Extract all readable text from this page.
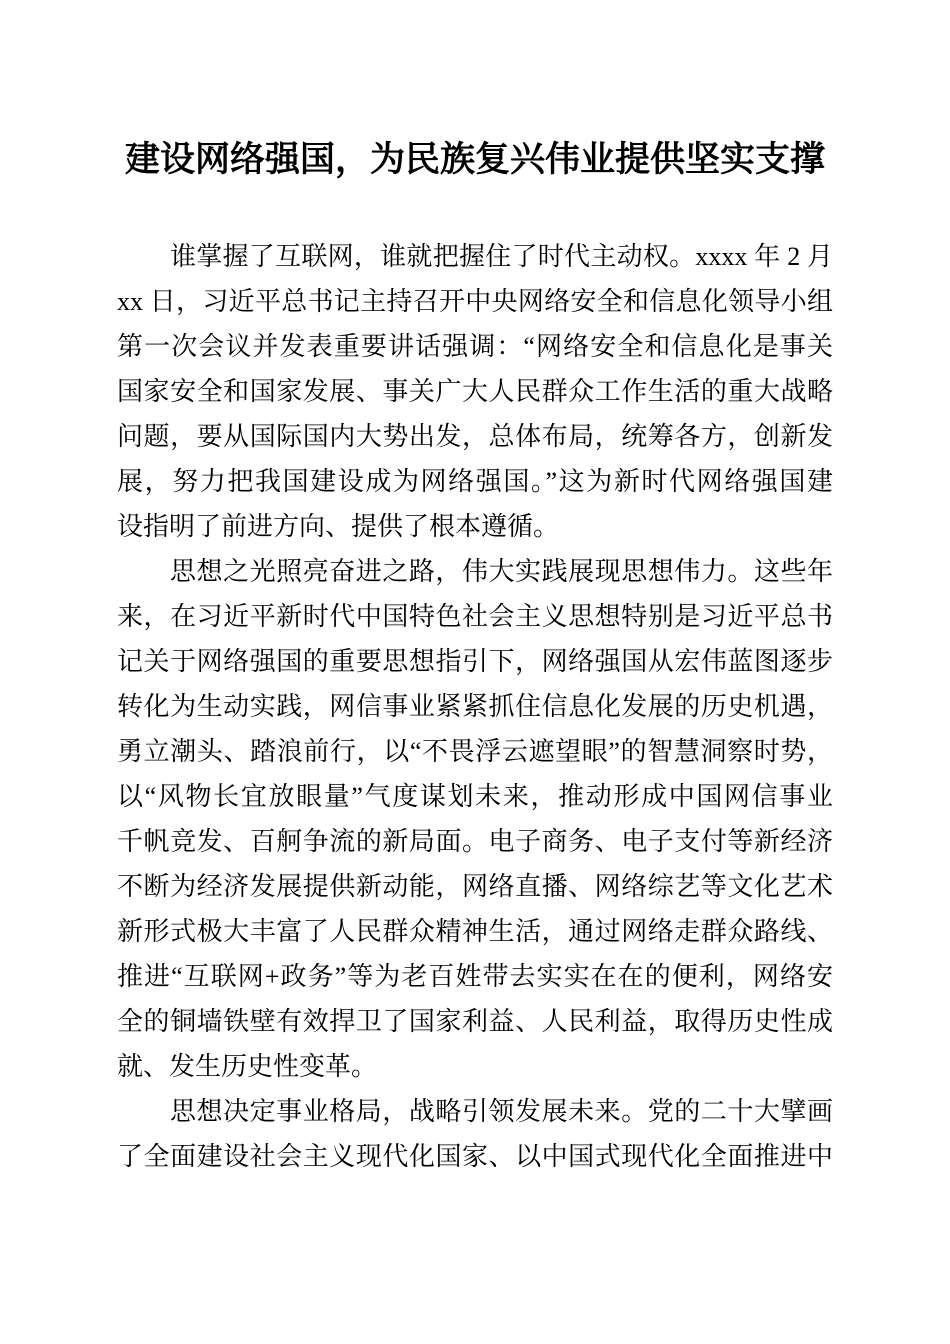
建设网络强国，为民族复兴伟业提供坚实支撑

谁掌握了互联网，谁就把握住了时代主动权。xxxx 年 2 月
xx 日，习近平总书记主持召开中央网络安全和信息化领导小组
第一次会议并发表重要讲话强调：“网络安全和信息化是事关
国家安全和国家发展、事关广大人民群众工作生活的重大战略
问题，要从国际国内大势出发，总体布局，统筹各方，创新发
展，努力把我国建设成为网络强国。”这为新时代网络强国建
设指明了前进方向、提供了根本遵循。

思想之光照亮奋进之路，伟大实践展现思想伟力。这些年
来，在习近平新时代中国特色社会主义思想特别是习近平总书
记关于网络强国的重要思想指引下，网络强国从宏伟蓝图逐步
转化为生动实践，网信事业紧紧抓住信息化发展的历史机遇，
勇立潮头、踏浪前行，以“不畏浮云遮望眼”的智慧洞察时势，
以“风物长宜放眼量”气度谋划未来，推动形成中国网信事业
千帆竞发、百舸争流的新局面。电子商务、电子支付等新经济
不断为经济发展提供新动能，网络直播、网络综艺等文化艺术
新形式极大丰富了人民群众精神生活，通过网络走群众路线、
推进“互联网+政务”等为老百姓带去实实在在的便利，网络安
全的铜墙铁壁有效捍卫了国家利益、人民利益，取得历史性成
就、发生历史性变革。

思想决定事业格局，战略引领发展未来。党的二十大擘画
了全面建设社会主义现代化国家、以中国式现代化全面推进中
